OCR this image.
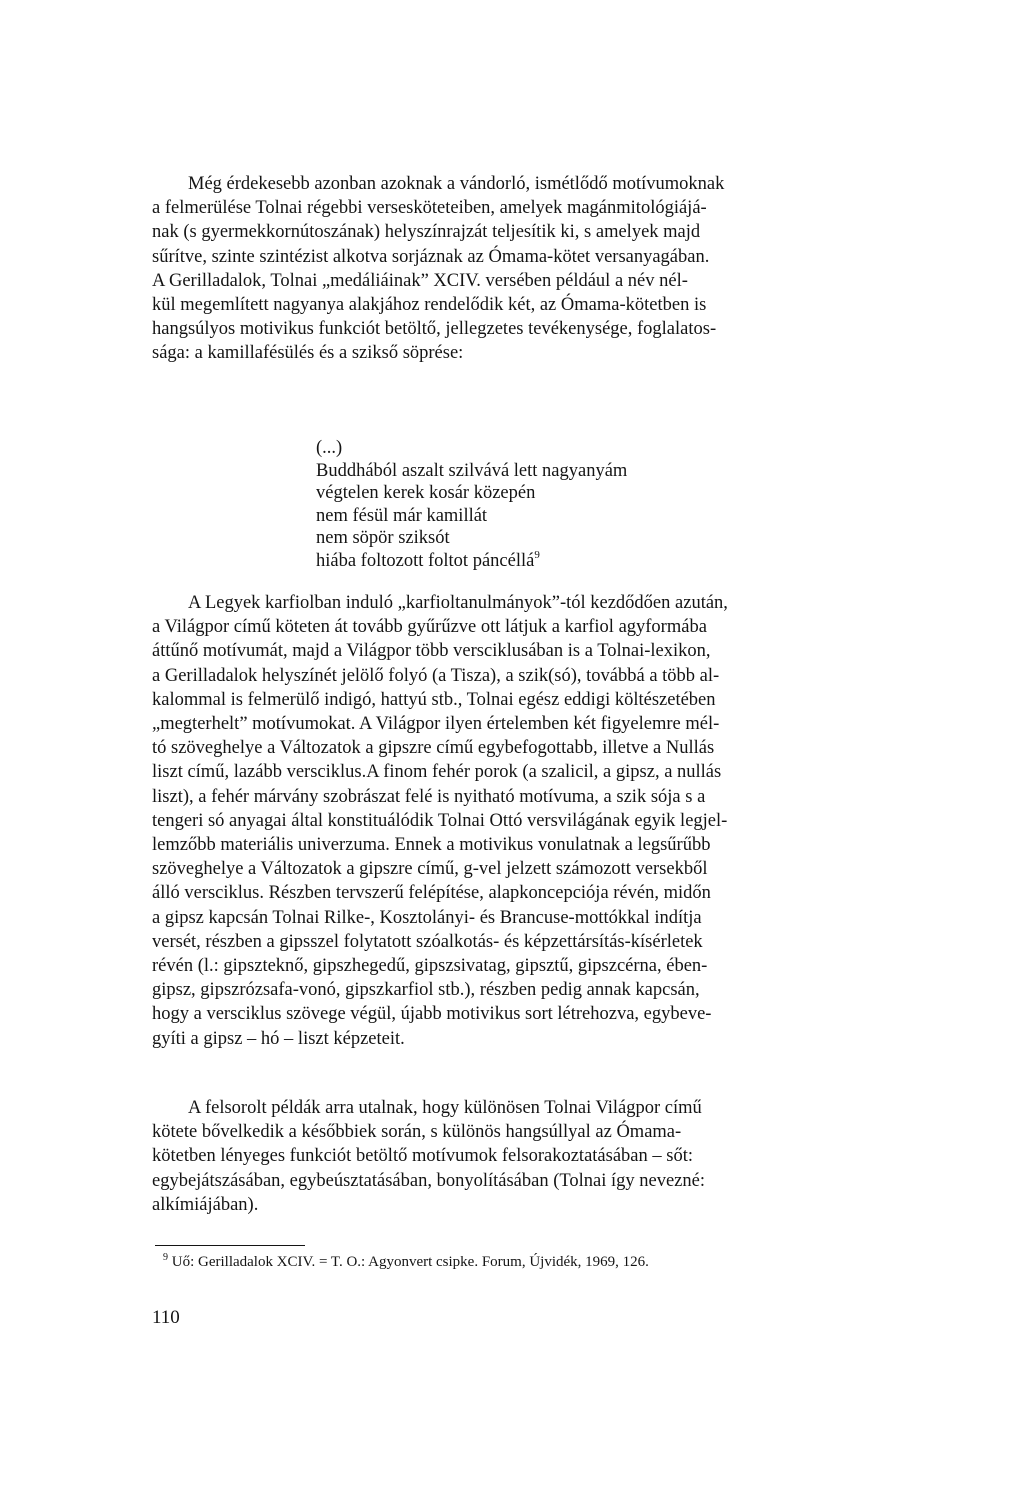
Még érdekesebb azonban azoknak a vándorló, ismétlődő motívumoknak
a felmerülése Tolnai régebbi versesköteteiben, amelyek magánmitológiájá-
nak (s gyermekkornútoszának) helyszínrajzát teljesítik ki, s amelyek majd
sűrítve, szinte szintézist alkotva sorjáznak az Ómama-kötet versanyagában.
A Gerilladalok, Tolnai „medáliáinak” XCIV. versében például a név nél-
kül megemlített nagyanya alakjához rendelődik két, az Ómama-kötetben is
hangsúlyos motivikus funkciót betöltő, jellegzetes tevékenysége, foglalatos-
sága: a kamillafésülés és a szikső söprése:

(...)
Buddhából aszalt szilvává lett nagyanyám
végtelen kerek kosár közepén
nem fésül már kamillát
nem söpör sziksót
hiába foltozott foltot páncéllá$^9$

A Legyek karfiolban induló „karfioltanulmányok”-tól kezdődően azután,
a Világpor című köteten át tovább gyűrűzve ott látjuk a karfiol agyformába
áttűnő motívumát, majd a Világpor több versciklusában is a Tolnai-lexikon,
a Gerilladalok helyszínét jelölő folyó (a Tisza), a szik(só), továbbá a több al-
kalommal is felmerülő indigó, hattyú stb., Tolnai egész eddigi költészetében
„megterhelt” motívumokat. A Világpor ilyen értelemben két figyelemre mél-
tó szöveghelye a Változatok a gipszre című egybefogottabb, illetve a Nullás
liszt című, lazább versciklus.A finom fehér porok (a szalicil, a gipsz, a nullás
liszt), a fehér márvány szobrászat felé is nyitható motívuma, a szik sója s a
tengeri só anyagai által konstituálódik Tolnai Ottó versvilágának egyik legjel-
lemzőbb materiális univerzuma. Ennek a motivikus vonulatnak a legsűrűbb
szöveghelye a Változatok a gipszre című, g-vel jelzett számozott versekből
álló versciklus. Részben tervszerű felépítése, alapkoncepciója révén, midőn
a gipsz kapcsán Tolnai Rilke-, Kosztolányi- és Brancuse-mottókkal indítja
versét, részben a gipsszel folytatott szóalkotás- és képzettársítás-kísérletek
révén (l.: gipszteknő, gipszhegedű, gipszsivatag, gipsztű, gipszcérna, ében-
gipsz, gipszrózsafa-vonó, gipszkarfiol stb.), részben pedig annak kapcsán,
hogy a versciklus szövege végül, újabb motivikus sort létrehozva, egybeve-
gyíti a gipsz – hó – liszt képzeteit.

A felsorolt példák arra utalnak, hogy különösen Tolnai Világpor című
kötete bővelkedik a későbbiek során, s különös hangsúllyal az Ómama-
kötetben lényeges funkciót betöltő motívumok felsorakoztatásában – sőt:
egybejátszásában, egybeúsztatásában, bonyolításában (Tolnai így nevezné:
alkímiájában).

$^9$ Uő: Gerilladalok XCIV. = T. O.: Agyonvert csipke. Forum, Újvidék, 1969, 126.

110
